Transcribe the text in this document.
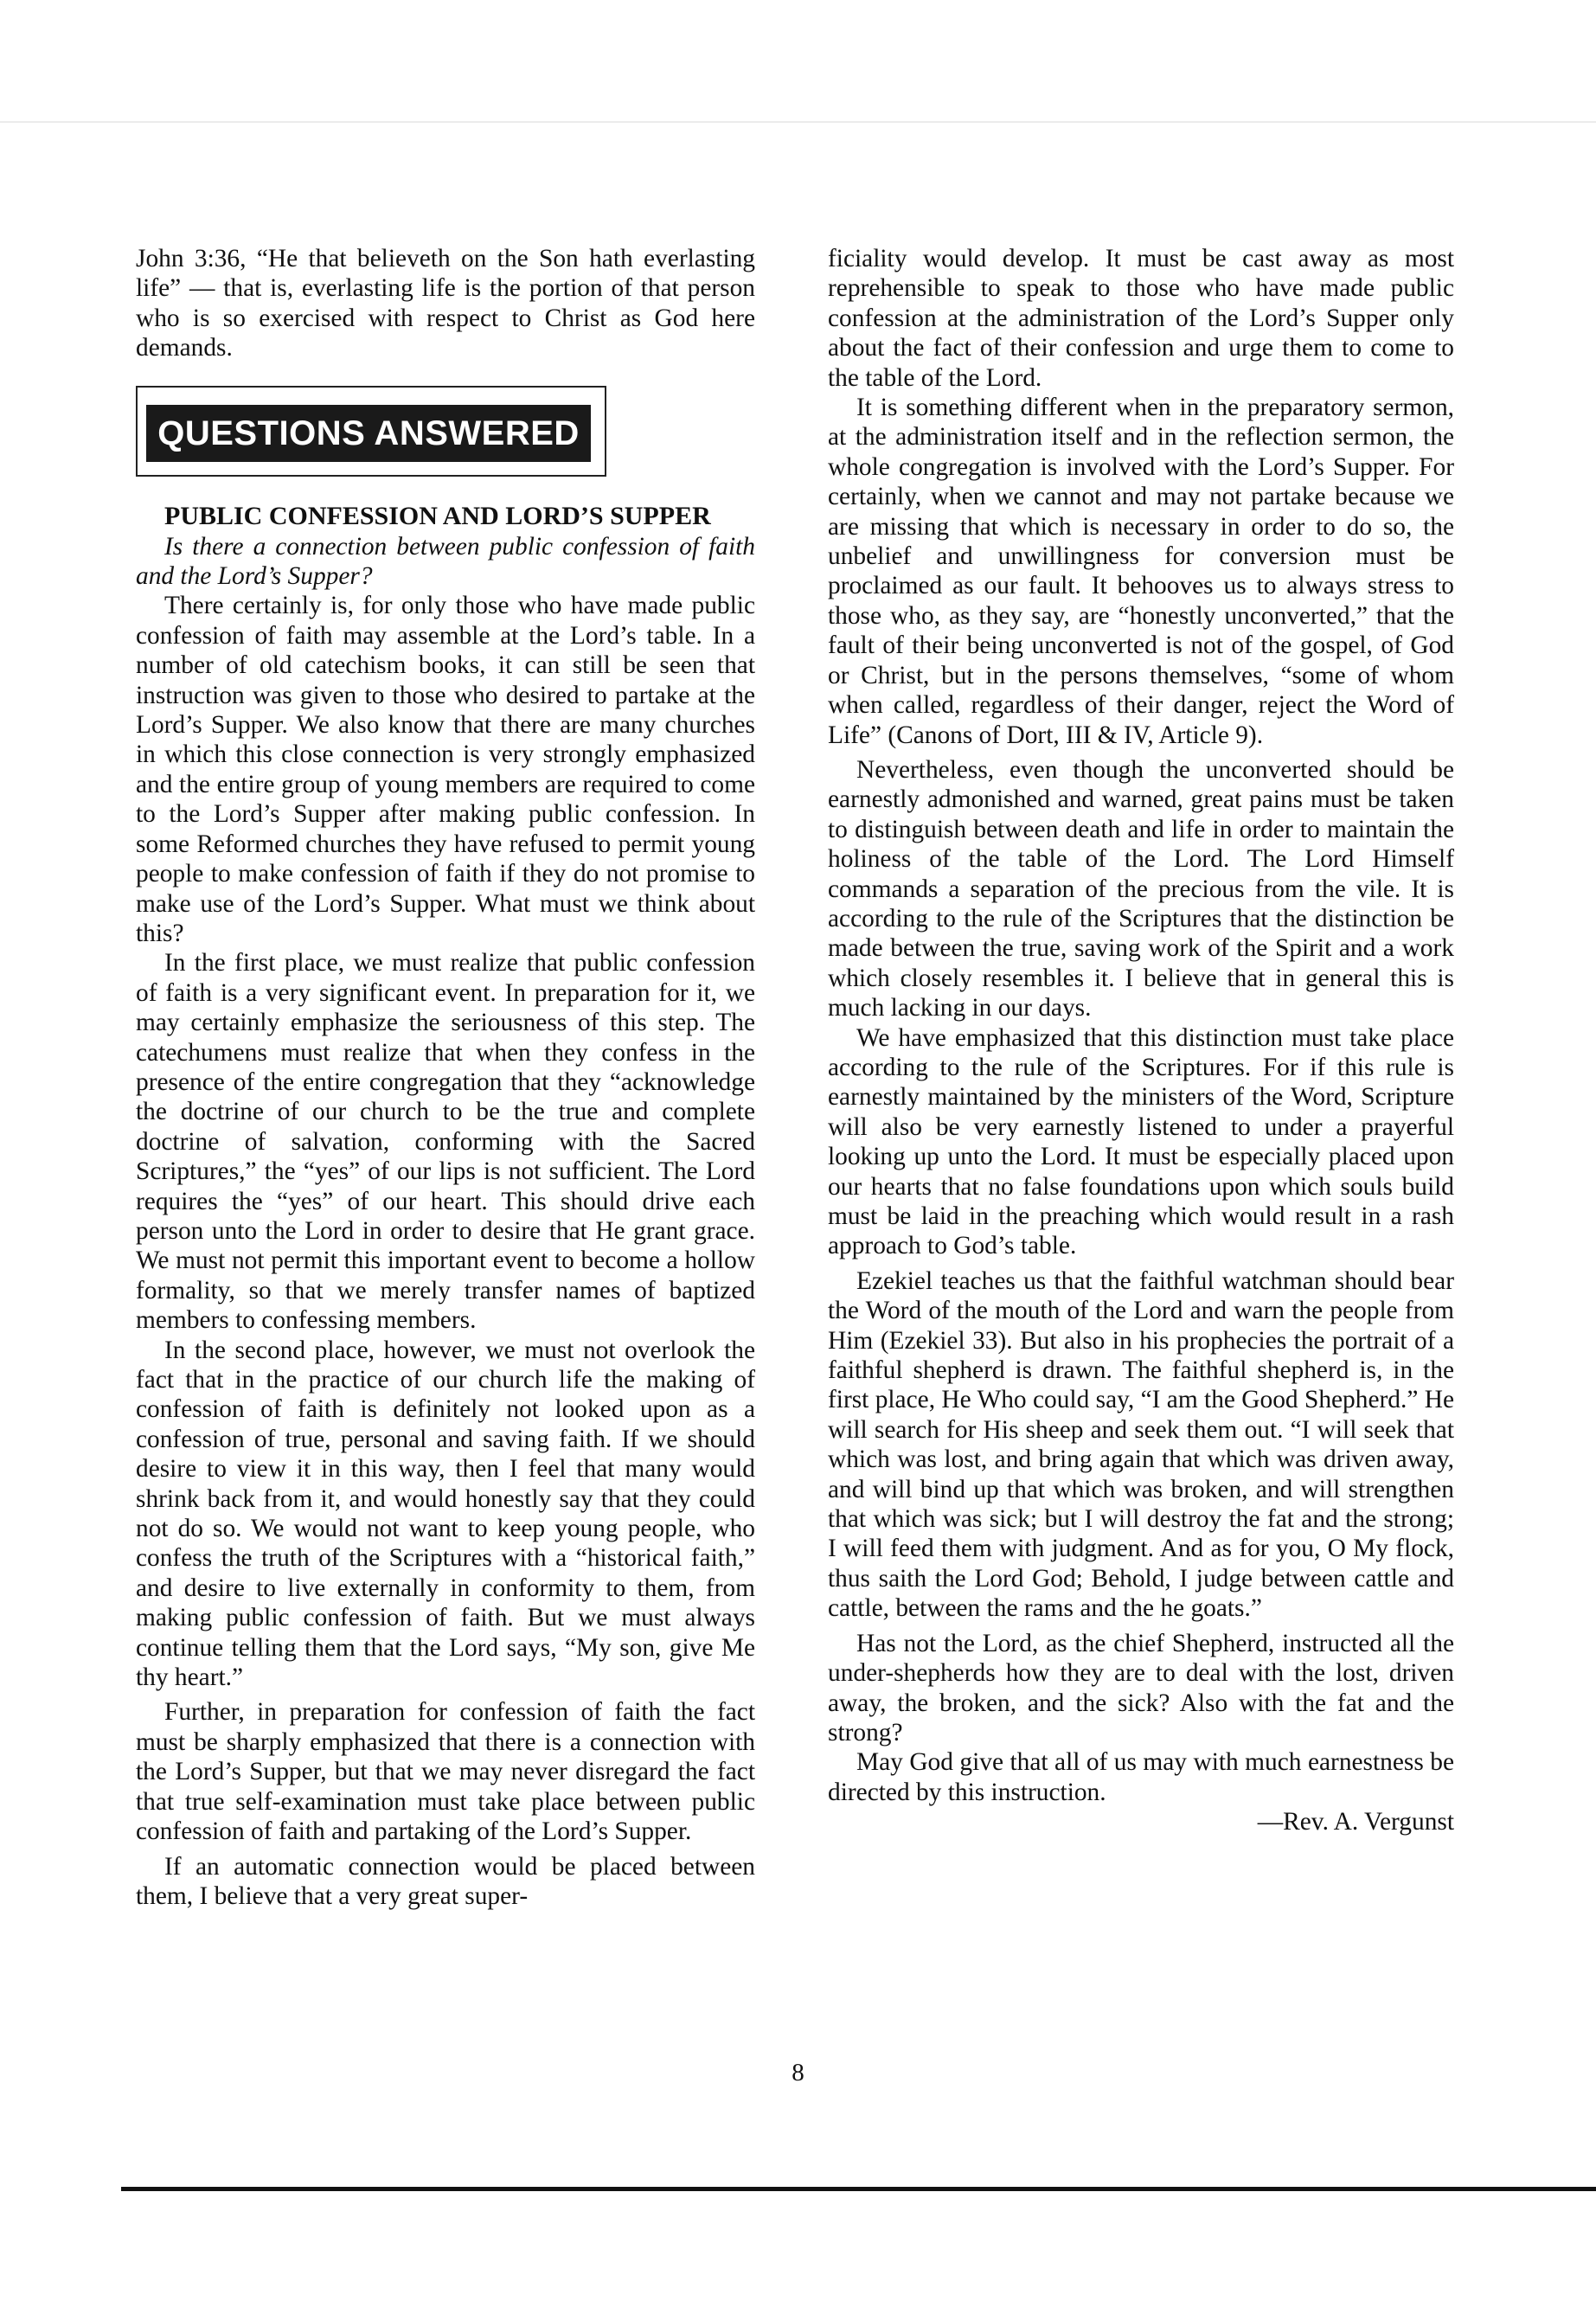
John 3:36, “He that believeth on the Son hath everlasting life” — that is, everlasting life is the portion of that person who is so exercised with respect to Christ as God here demands.

QUESTIONS ANSWERED

PUBLIC CONFESSION AND LORD’S SUPPER

Is there a connection between public confession of faith and the Lord’s Supper?

There certainly is, for only those who have made public confession of faith may assemble at the Lord’s table. In a number of old catechism books, it can still be seen that instruction was given to those who desired to partake at the Lord’s Supper. We also know that there are many churches in which this close connection is very strongly emphasized and the entire group of young members are required to come to the Lord’s Supper after making public confession. In some Reformed churches they have refused to permit young people to make confession of faith if they do not promise to make use of the Lord’s Supper. What must we think about this?

In the first place, we must realize that public confession of faith is a very significant event. In preparation for it, we may certainly emphasize the seriousness of this step. The catechumens must realize that when they confess in the presence of the entire congregation that they “acknowledge the doctrine of our church to be the true and complete doctrine of salvation, conforming with the Sacred Scriptures,” the “yes” of our lips is not sufficient. The Lord requires the “yes” of our heart. This should drive each person unto the Lord in order to desire that He grant grace. We must not permit this important event to become a hollow formality, so that we merely transfer names of baptized members to confessing members.

In the second place, however, we must not overlook the fact that in the practice of our church life the making of confession of faith is definitely not looked upon as a confession of true, personal and saving faith. If we should desire to view it in this way, then I feel that many would shrink back from it, and would honestly say that they could not do so. We would not want to keep young people, who confess the truth of the Scriptures with a “historical faith,” and desire to live externally in conformity to them, from making public confession of faith. But we must always continue telling them that the Lord says, “My son, give Me thy heart.”

Further, in preparation for confession of faith the fact must be sharply emphasized that there is a connection with the Lord’s Supper, but that we may never disregard the fact that true self-examination must take place between public confession of faith and partaking of the Lord’s Supper.

If an automatic connection would be placed between them, I believe that a very great super-

ficiality would develop. It must be cast away as most reprehensible to speak to those who have made public confession at the administration of the Lord’s Supper only about the fact of their confession and urge them to come to the table of the Lord.

It is something different when in the preparatory sermon, at the administration itself and in the reflection sermon, the whole congregation is involved with the Lord’s Supper. For certainly, when we cannot and may not partake because we are missing that which is necessary in order to do so, the unbelief and unwillingness for conversion must be proclaimed as our fault. It behooves us to always stress to those who, as they say, are “honestly unconverted,” that the fault of their being unconverted is not of the gospel, of God or Christ, but in the persons themselves, “some of whom when called, regardless of their danger, reject the Word of Life” (Canons of Dort, III & IV, Article 9).

Nevertheless, even though the unconverted should be earnestly admonished and warned, great pains must be taken to distinguish between death and life in order to maintain the holiness of the table of the Lord. The Lord Himself commands a separation of the precious from the vile. It is according to the rule of the Scriptures that the distinction be made between the true, saving work of the Spirit and a work which closely resembles it. I believe that in general this is much lacking in our days.

We have emphasized that this distinction must take place according to the rule of the Scriptures. For if this rule is earnestly maintained by the ministers of the Word, Scripture will also be very earnestly listened to under a prayerful looking up unto the Lord. It must be especially placed upon our hearts that no false foundations upon which souls build must be laid in the preaching which would result in a rash approach to God’s table.

Ezekiel teaches us that the faithful watchman should bear the Word of the mouth of the Lord and warn the people from Him (Ezekiel 33). But also in his prophecies the portrait of a faithful shepherd is drawn. The faithful shepherd is, in the first place, He Who could say, “I am the Good Shepherd.” He will search for His sheep and seek them out. “I will seek that which was lost, and bring again that which was driven away, and will bind up that which was broken, and will strengthen that which was sick; but I will destroy the fat and the strong; I will feed them with judgment. And as for you, O My flock, thus saith the Lord God; Behold, I judge between cattle and cattle, between the rams and the he goats.”

Has not the Lord, as the chief Shepherd, instructed all the under-shepherds how they are to deal with the lost, driven away, the broken, and the sick? Also with the fat and the strong?

May God give that all of us may with much earnestness be directed by this instruction.

—Rev. A. Vergunst

8
